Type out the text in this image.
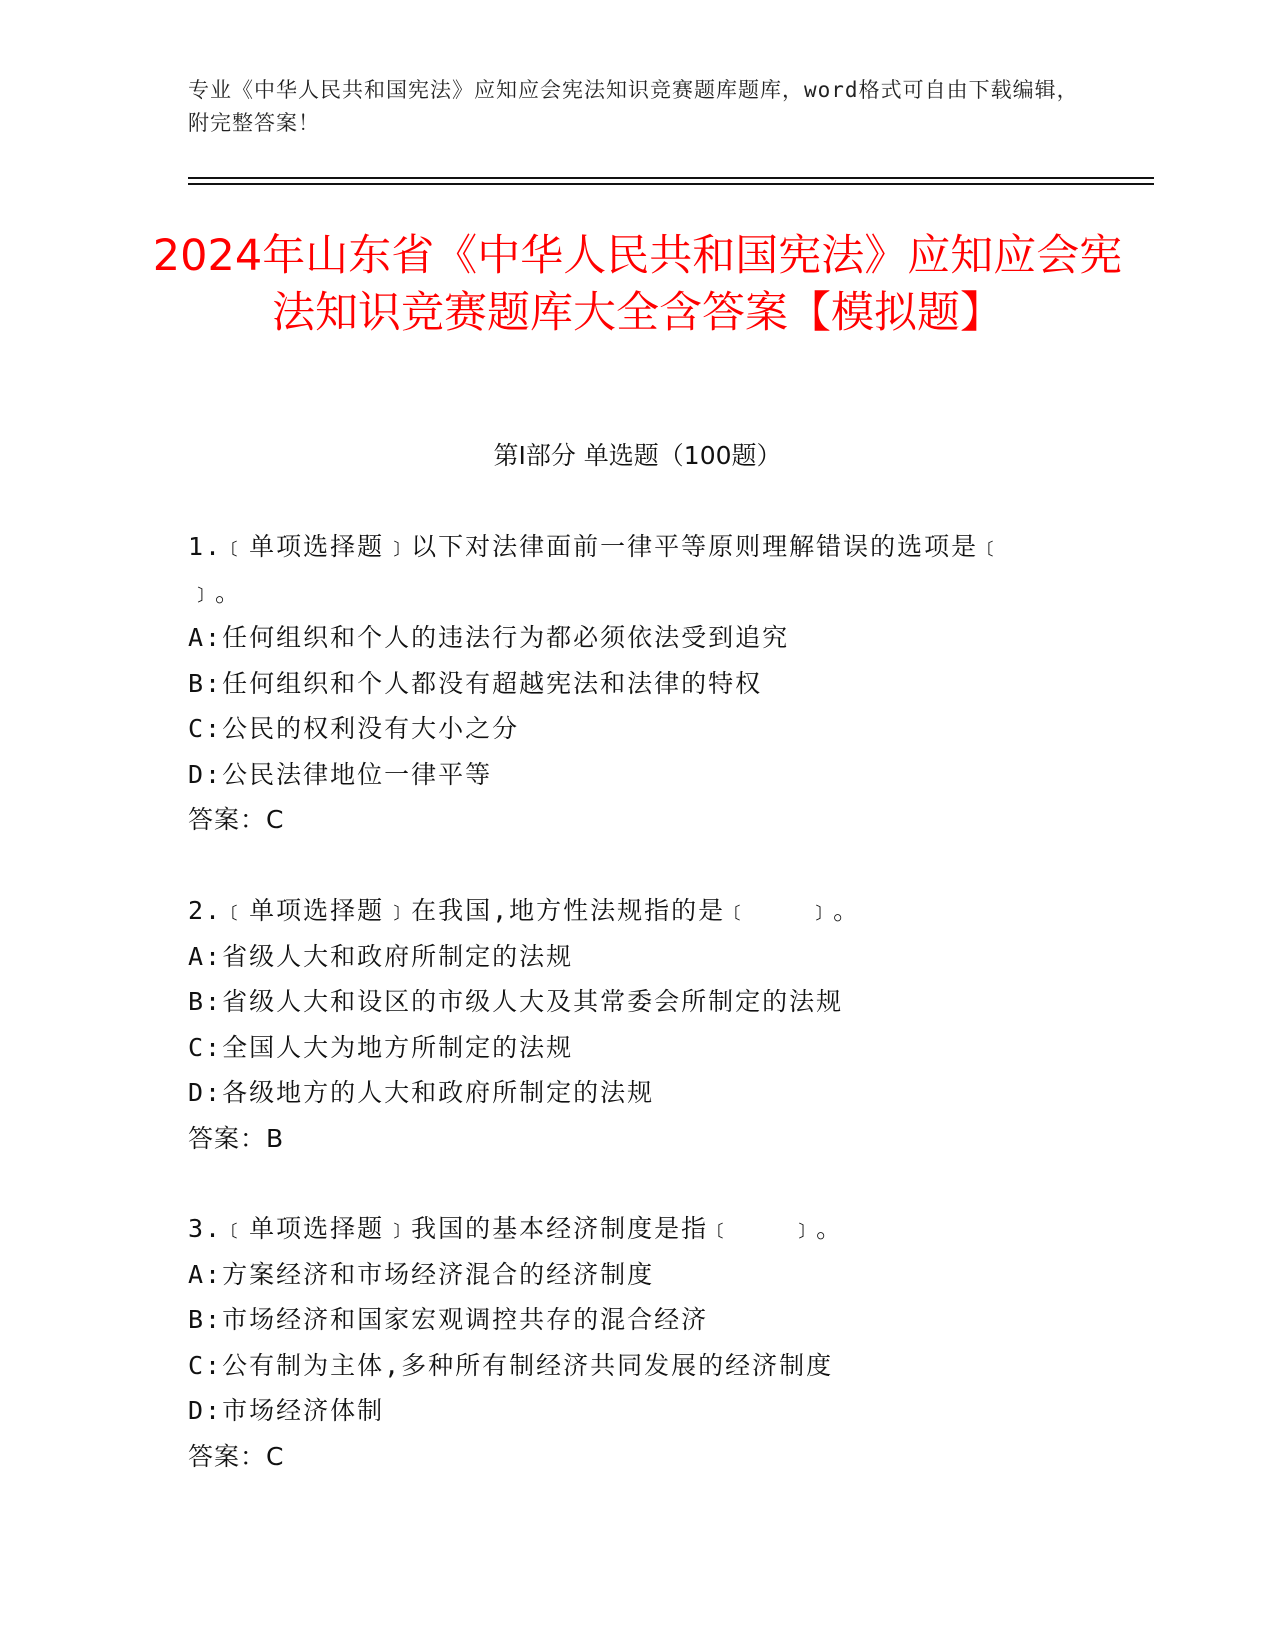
专业《中华人民共和国宪法》应知应会宪法知识竞赛题库题库，word格式可自由下载编辑，附完整答案！
2024年山东省《中华人民共和国宪法》应知应会宪法知识竞赛题库大全含答案【模拟题】
第I部分 单选题（100题）
1.﹝单项选择题﹞以下对法律面前一律平等原则理解错误的选项是﹝ ﹞。
A:任何组织和个人的违法行为都必须依法受到追究
B:任何组织和个人都没有超越宪法和法律的特权
C:公民的权利没有大小之分
D:公民法律地位一律平等
答案：C
2.﹝单项选择题﹞在我国,地方性法规指的是﹝　　﹞。
A:省级人大和政府所制定的法规
B:省级人大和设区的市级人大及其常委会所制定的法规
C:全国人大为地方所制定的法规
D:各级地方的人大和政府所制定的法规
答案：B
3.﹝单项选择题﹞我国的基本经济制度是指﹝　　﹞。
A:方案经济和市场经济混合的经济制度
B:市场经济和国家宏观调控共存的混合经济
C:公有制为主体,多种所有制经济共同发展的经济制度
D:市场经济体制
答案：C
